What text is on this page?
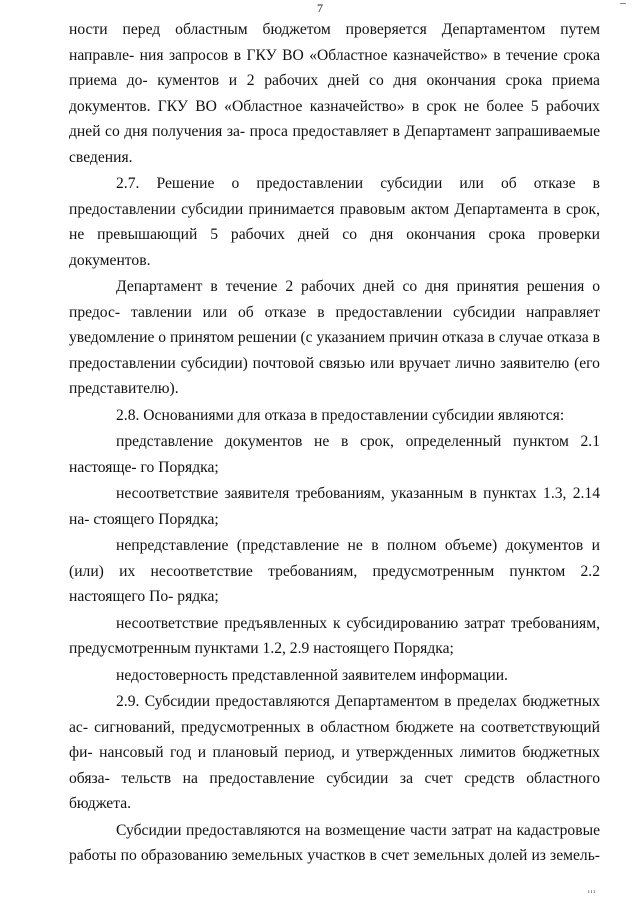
7

ности перед областным бюджетом проверяется Департаментом путем направле- ния запросов в ГКУ ВО «Областное казначейство» в течение срока приема до- кументов и 2 рабочих дней со дня окончания срока приема документов. ГКУ ВО «Областное казначейство» в срок не более 5 рабочих дней со дня получения за- проса предоставляет в Департамент запрашиваемые сведения.

2.7. Решение о предоставлении субсидии или об отказе в предоставлении субсидии принимается правовым актом Департамента в срок, не превышающий 5 рабочих дней со дня окончания срока проверки документов.

Департамент в течение 2 рабочих дней со дня принятия решения о предос- тавлении или об отказе в предоставлении субсидии направляет уведомление о принятом решении (с указанием причин отказа в случае отказа в предоставлении субсидии) почтовой связью или вручает лично заявителю (его представителю).

2.8. Основаниями для отказа в предоставлении субсидии являются:

представление документов не в срок, определенный пунктом 2.1 настояще- го Порядка;

несоответствие заявителя требованиям, указанным в пунктах 1.3, 2.14 на- стоящего Порядка;

непредставление (представление не в полном объеме) документов и (или) их несоответствие требованиям, предусмотренным пунктом 2.2 настоящего По- рядка;

несоответствие предъявленных к субсидированию затрат требованиям, предусмотренным пунктами 1.2, 2.9 настоящего Порядка;

недостоверность представленной заявителем информации.

2.9. Субсидии предоставляются Департаментом в пределах бюджетных ас- сигнований, предусмотренных в областном бюджете на соответствующий фи- нансовый год и плановый период, и утвержденных лимитов бюджетных обяза- тельств на предоставление субсидии за счет средств областного бюджета.

Субсидии предоставляются на возмещение части затрат на кадастровые работы по образованию земельных участков в счет земельных долей из земель-

ııı
